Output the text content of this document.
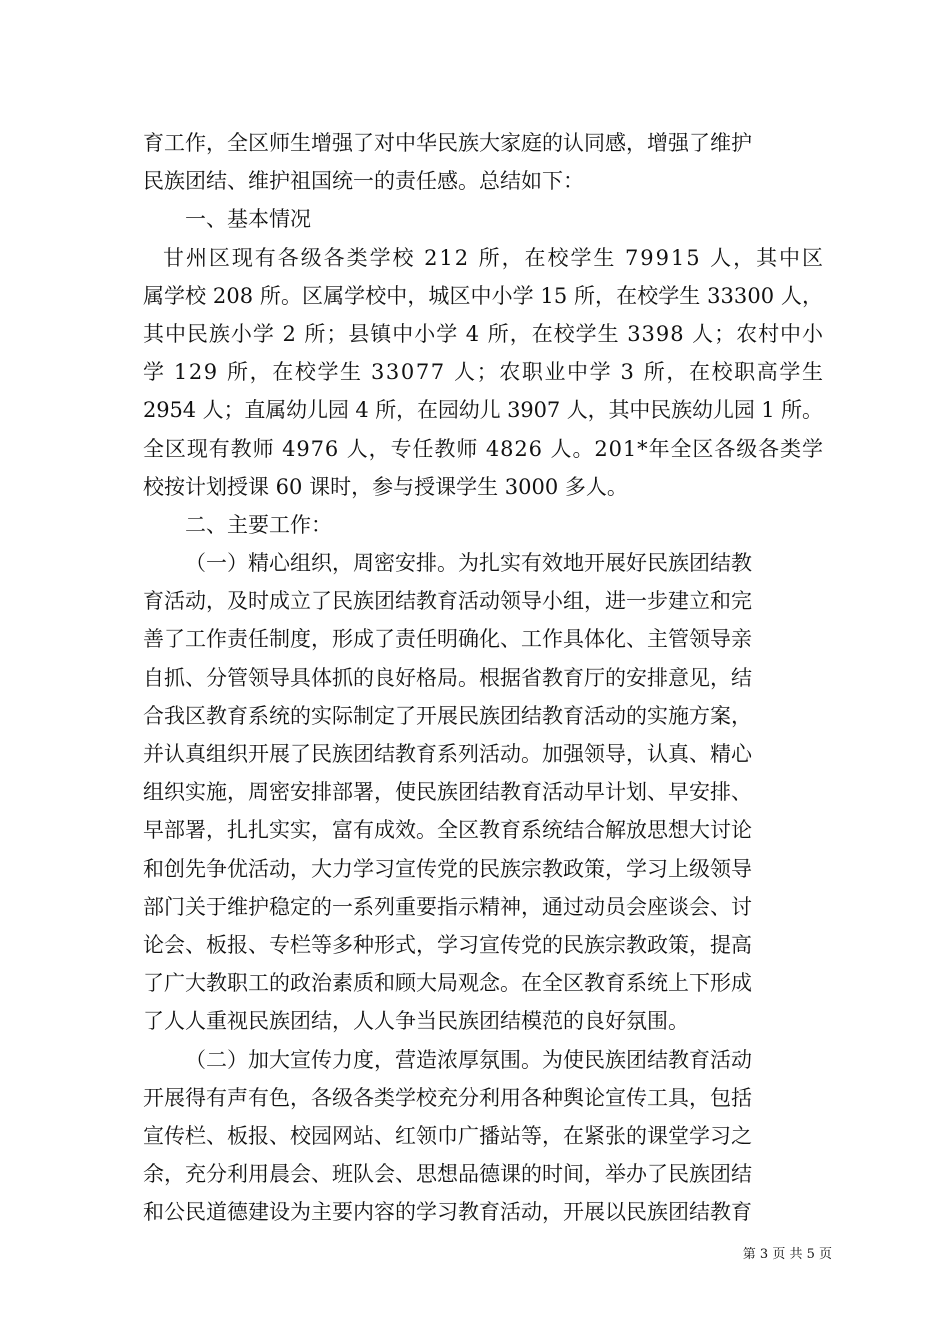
育工作，全区师生增强了对中华民族大家庭的认同感，增强了维护
民族团结、维护祖国统一的责任感。总结如下：
一、基本情况
甘州区现有各级各类学校 212 所，在校学生 79915 人，其中区
属学校 208 所。区属学校中，城区中小学 15 所，在校学生 33300 人，
其中民族小学 2 所；县镇中小学 4 所，在校学生 3398 人；农村中小
学 129 所，在校学生 33077 人；农职业中学 3 所，在校职高学生
2954 人；直属幼儿园 4 所，在园幼儿 3907 人，其中民族幼儿园 1 所。
全区现有教师 4976 人，专任教师 4826 人。201*年全区各级各类学
校按计划授课 60 课时，参与授课学生 3000 多人。
二、主要工作：
（一）精心组织，周密安排。为扎实有效地开展好民族团结教
育活动，及时成立了民族团结教育活动领导小组，进一步建立和完
善了工作责任制度，形成了责任明确化、工作具体化、主管领导亲
自抓、分管领导具体抓的良好格局。根据省教育厅的安排意见，结
合我区教育系统的实际制定了开展民族团结教育活动的实施方案，
并认真组织开展了民族团结教育系列活动。加强领导，认真、精心
组织实施，周密安排部署，使民族团结教育活动早计划、早安排、
早部署，扎扎实实，富有成效。全区教育系统结合解放思想大讨论
和创先争优活动，大力学习宣传党的民族宗教政策，学习上级领导
部门关于维护稳定的一系列重要指示精神，通过动员会座谈会、讨
论会、板报、专栏等多种形式，学习宣传党的民族宗教政策，提高
了广大教职工的政治素质和顾大局观念。在全区教育系统上下形成
了人人重视民族团结，人人争当民族团结模范的良好氛围。
（二）加大宣传力度，营造浓厚氛围。为使民族团结教育活动
开展得有声有色，各级各类学校充分利用各种舆论宣传工具，包括
宣传栏、板报、校园网站、红领巾广播站等，在紧张的课堂学习之
余，充分利用晨会、班队会、思想品德课的时间，举办了民族团结
和公民道德建设为主要内容的学习教育活动，开展以民族团结教育
第 3 页 共 5 页
